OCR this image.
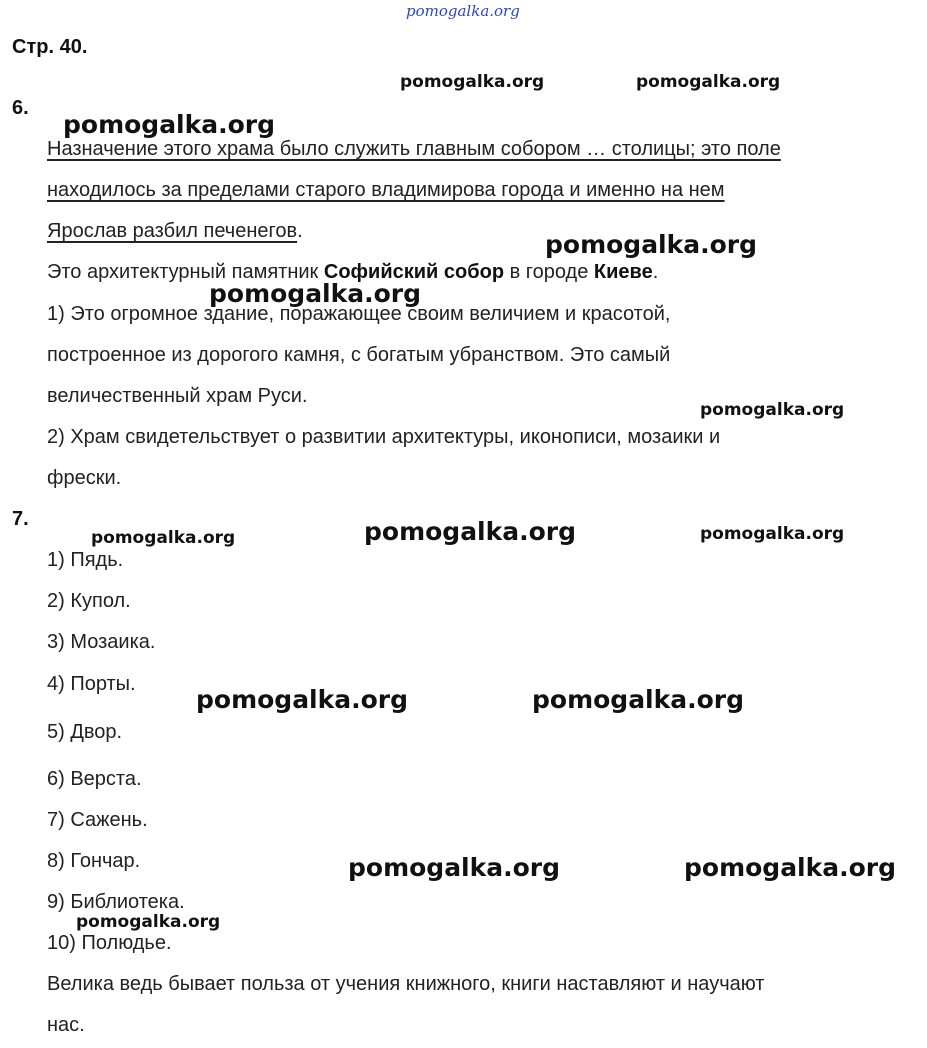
pomogalka.org
Стр. 40.
6.
Назначение этого храма было служить главным собором … столицы; это поле
находилось за пределами старого владимирова города и именно на нем
Ярослав разбил печенегов.
Это архитектурный памятник Софийский собор в городе Киеве.
1) Это огромное здание, поражающее своим величием и красотой,
построенное из дорогого камня, с богатым убранством. Это самый
величественный храм Руси.
2) Храм свидетельствует о развитии архитектуры, иконописи, мозаики и
фрески.
7.
1) Пядь.
2) Купол.
3) Мозаика.
4) Порты.
5) Двор.
6) Верста.
7) Сажень.
8) Гончар.
9) Библиотека.
10) Полюдье.
Велика ведь бывает польза от учения книжного, книги наставляют и научают
нас.
pomogalka.org	pomogalka.org
pomogalka.org
pomogalka.org
pomogalka.org
pomogalka.org
pomogalka.org	pomogalka.org	pomogalka.org
pomogalka.org	pomogalka.org
pomogalka.org	pomogalka.org
pomogalka.org
